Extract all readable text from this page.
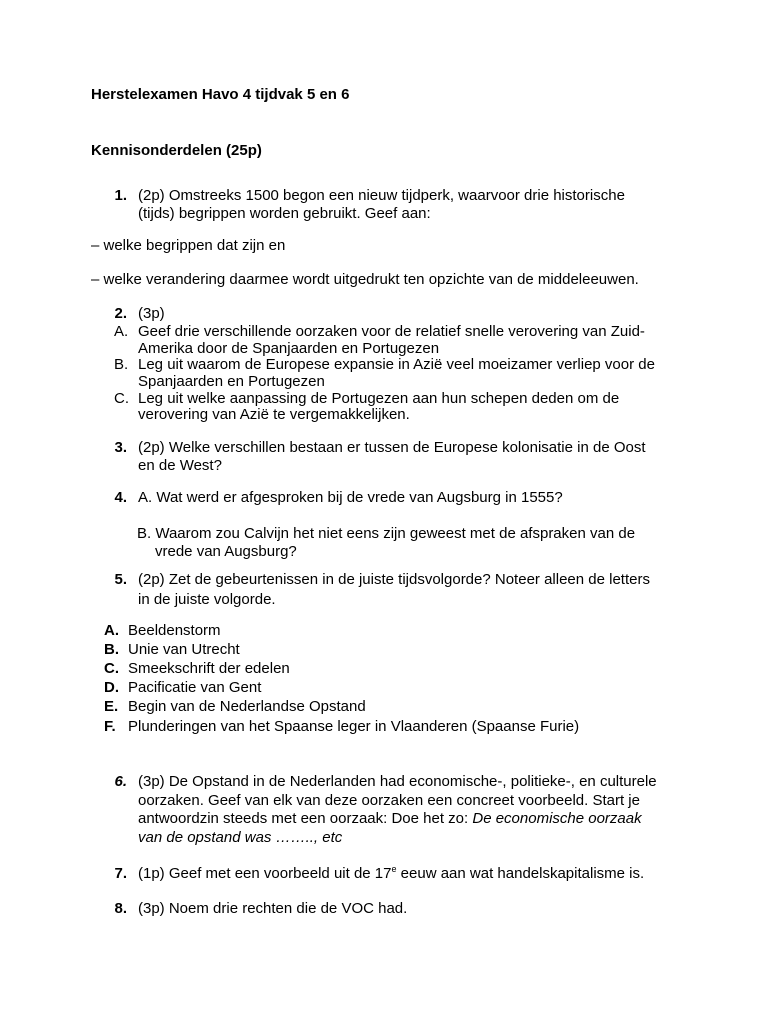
Herstelexamen Havo 4 tijdvak 5 en 6
Kennisonderdelen (25p)
1. (2p) Omstreeks 1500 begon een nieuw tijdperk, waarvoor drie historische
(tijds) begrippen worden gebruikt. Geef aan:
– welke begrippen dat zijn en
– welke verandering daarmee wordt uitgedrukt ten opzichte van de middeleeuwen.
2. (3p)
A. Geef drie verschillende oorzaken voor de relatief snelle verovering van Zuid-
Amerika door de Spanjaarden en Portugezen
B. Leg uit waarom de Europese expansie in Azië veel moeizamer verliep voor de
Spanjaarden en Portugezen
C. Leg uit welke aanpassing de Portugezen aan hun schepen deden om de
verovering van Azië te vergemakkelijken.
3. (2p) Welke verschillen bestaan er tussen de Europese kolonisatie in de Oost
en de West?
4. A. Wat werd er afgesproken bij de vrede van Augsburg in 1555?
B. Waarom zou Calvijn het niet eens zijn geweest met de afspraken van de
vrede van Augsburg?
5. (2p) Zet de gebeurtenissen in de juiste tijdsvolgorde? Noteer alleen de letters
in de juiste volgorde.
A. Beeldenstorm
B. Unie van Utrecht
C. Smeekschrift der edelen
D. Pacificatie van Gent
E. Begin van de Nederlandse Opstand
F. Plunderingen van het Spaanse leger in Vlaanderen (Spaanse Furie)
6. (3p) De Opstand in de Nederlanden had economische-, politieke-, en culturele
oorzaken. Geef van elk van deze oorzaken een concreet voorbeeld. Start je
antwoordzin steeds met een oorzaak: Doe het zo: De economische oorzaak
van de opstand was …….., etc
7. (1p) Geef met een voorbeeld uit de 17e eeuw aan wat handelskapitalisme is.
8. (3p) Noem drie rechten die de VOC had.
